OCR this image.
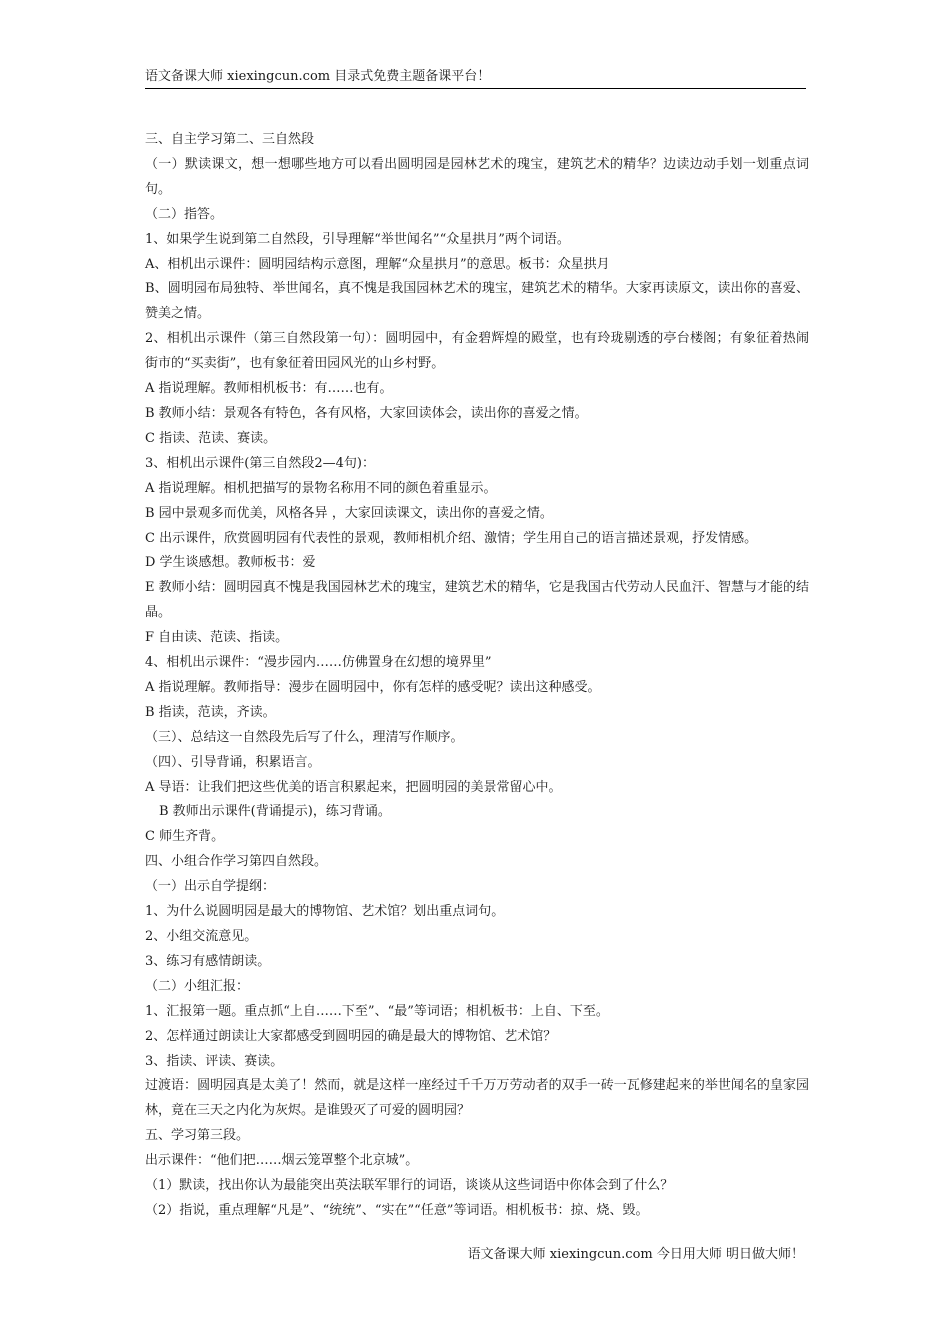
语文备课大师 xiexingcun.com 目录式免费主题备课平台！

三、自主学习第二、三自然段

（一）默读课文，想一想哪些地方可以看出圆明园是园林艺术的瑰宝，建筑艺术的精华？边读边动手划一划重点词句。

（二）指答。

1、如果学生说到第二自然段，引导理解“举世闻名”“众星拱月”两个词语。

A、相机出示课件：圆明园结构示意图，理解“众星拱月”的意思。板书：众星拱月

B、圆明园布局独特、举世闻名，真不愧是我国园林艺术的瑰宝，建筑艺术的精华。大家再读原文，读出你的喜爱、赞美之情。

2、相机出示课件（第三自然段第一句）：圆明园中，有金碧辉煌的殿堂，也有玲珑剔透的亭台楼阁；有象征着热闹街市的“买卖街”，也有象征着田园风光的山乡村野。

A 指说理解。教师相机板书：有……也有。

B 教师小结：景观各有特色，各有风格，大家回读体会，读出你的喜爱之情。

C 指读、范读、赛读。

3、相机出示课件(第三自然段2—4句)：

A 指说理解。相机把描写的景物名称用不同的颜色着重显示。

B 园中景观多而优美，风格各异 ，大家回读课文，读出你的喜爱之情。

C 出示课件，欣赏圆明园有代表性的景观，教师相机介绍、激情；学生用自己的语言描述景观，抒发情感。

D 学生谈感想。教师板书：爱

E 教师小结：圆明园真不愧是我国园林艺术的瑰宝，建筑艺术的精华，它是我国古代劳动人民血汗、智慧与才能的结晶。

F 自由读、范读、指读。

4、相机出示课件：“漫步园内……仿佛置身在幻想的境界里”

A 指说理解。教师指导：漫步在圆明园中，你有怎样的感受呢？读出这种感受。

B 指读，范读，齐读。

（三）、总结这一自然段先后写了什么，理清写作顺序。

（四）、引导背诵，积累语言。

A 导语：让我们把这些优美的语言积累起来，把圆明园的美景常留心中。

B 教师出示课件(背诵提示)，练习背诵。

C 师生齐背。

四、小组合作学习第四自然段。

（一）出示自学提纲：

1、为什么说圆明园是最大的博物馆、艺术馆？划出重点词句。

2、小组交流意见。

3、练习有感情朗读。

（二）小组汇报：

1、汇报第一题。重点抓“上自……下至”、“最”等词语；相机板书：上自、下至。

2、怎样通过朗读让大家都感受到圆明园的确是最大的博物馆、艺术馆？

3、指读、评读、赛读。

过渡语：圆明园真是太美了！然而，就是这样一座经过千千万万劳动者的双手一砖一瓦修建起来的举世闻名的皇家园林，竟在三天之内化为灰烬。是谁毁灭了可爱的圆明园？

五、学习第三段。

出示课件：“他们把……烟云笼罩整个北京城”。

（1）默读，找出你认为最能突出英法联军罪行的词语，谈谈从这些词语中你体会到了什么？

（2）指说，重点理解“凡是”、“统统”、“实在”“任意”等词语。相机板书：掠、烧、毁。

语文备课大师 xiexingcun.com 今日用大师 明日做大师！
